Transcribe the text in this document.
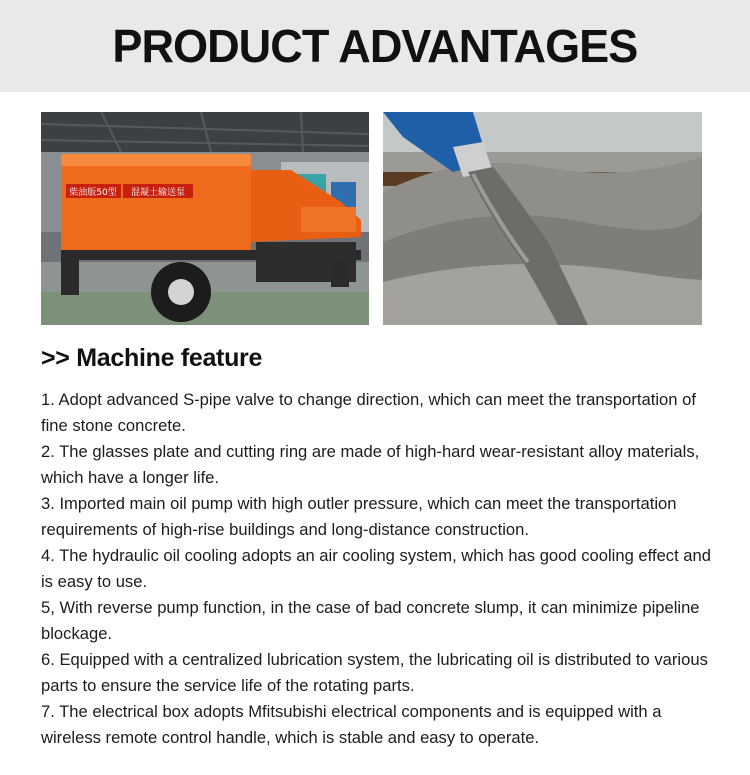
PRODUCT ADVANTAGES
柴油版50型 混凝土输送泵
>> Machine feature
1. Adopt advanced S-pipe valve to change direction, which can meet the transportation of fine stone concrete.
2. The glasses plate and cutting ring are made of high-hard wear-resistant alloy materials, which have a longer life.
3. Imported main oil pump with high outler pressure, which can meet the transportation requirements of high-rise buildings and long-distance construction.
4. The hydraulic oil cooling adopts an air cooling system, which has good cooling effect and is easy to use.
5, With reverse pump function, in the case of bad concrete slump, it can minimize pipeline blockage.
6. Equipped with a centralized lubrication system, the lubricating oil is distributed to various parts to ensure the service life of the rotating parts.
7. The electrical box adopts Mfitsubishi electrical components and is equipped with a wireless remote control handle, which is stable and easy to operate.
